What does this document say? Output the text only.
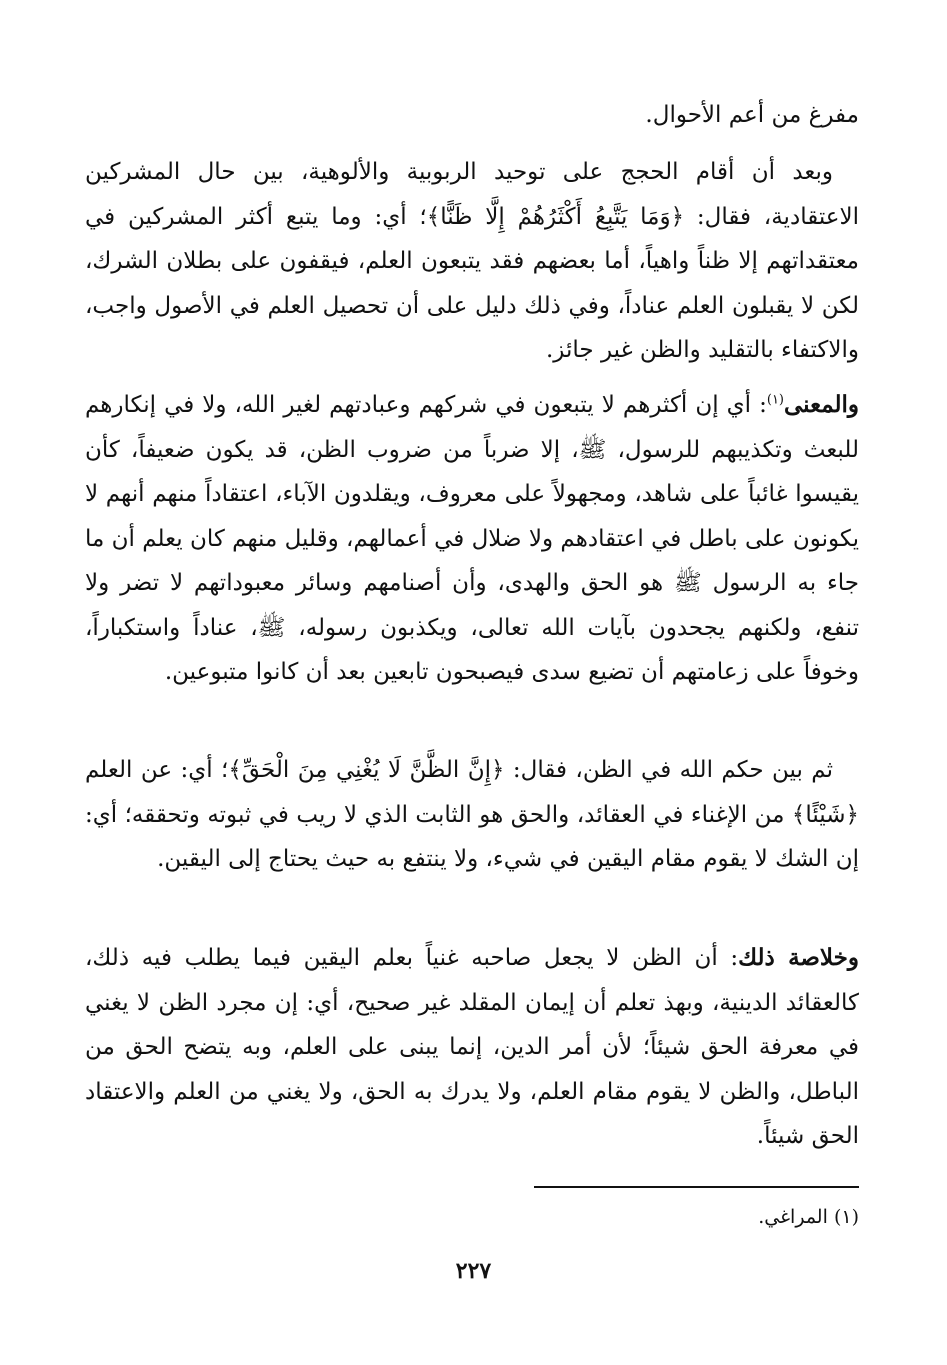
مفرغ من أعم الأحوال.

وبعد أن أقام الحجج على توحيد الربوبية والألوهية، بين حال المشركين الاعتقادية، فقال: ﴿وَمَا يَتَّبِعُ أَكْثَرُهُمْ إِلَّا ظَنًّا﴾؛ أي: وما يتبع أكثر المشركين في معتقداتهم إلا ظناً واهياً، أما بعضهم فقد يتبعون العلم، فيقفون على بطلان الشرك، لكن لا يقبلون العلم عناداً، وفي ذلك دليل على أن تحصيل العلم في الأصول واجب، والاكتفاء بالتقليد والظن غير جائز.

والمعنى$^{(١)}$: أي إن أكثرهم لا يتبعون في شركهم وعبادتهم لغير الله، ولا في إنكارهم للبعث وتكذيبهم للرسول، ﷺ، إلا ضرباً من ضروب الظن، قد يكون ضعيفاً، كأن يقيسوا غائباً على شاهد، ومجهولاً على معروف، ويقلدون الآباء، اعتقاداً منهم أنهم لا يكونون على باطل في اعتقادهم ولا ضلال في أعمالهم، وقليل منهم كان يعلم أن ما جاء به الرسول ﷺ هو الحق والهدى، وأن أصنامهم وسائر معبوداتهم لا تضر ولا تنفع، ولكنهم يجحدون بآيات الله تعالى، ويكذبون رسوله، ﷺ، عناداً واستكباراً، وخوفاً على زعامتهم أن تضيع سدى فيصبحون تابعين بعد أن كانوا متبوعين.

ثم بين حكم الله في الظن، فقال: ﴿إِنَّ الظَّنَّ لَا يُغْنِي مِنَ الْحَقِّ﴾؛ أي: عن العلم ﴿شَيْئًا﴾ من الإغناء في العقائد، والحق هو الثابت الذي لا ريب في ثبوته وتحققه؛ أي: إن الشك لا يقوم مقام اليقين في شيء، ولا ينتفع به حيث يحتاج إلى اليقين.

وخلاصة ذلك: أن الظن لا يجعل صاحبه غنياً بعلم اليقين فيما يطلب فيه ذلك، كالعقائد الدينية، وبهذ تعلم أن إيمان المقلد غير صحيح، أي: إن مجرد الظن لا يغني في معرفة الحق شيئاً؛ لأن أمر الدين، إنما يبنى على العلم، وبه يتضح الحق من الباطل، والظن لا يقوم مقام العلم، ولا يدرك به الحق، ولا يغني من العلم والاعتقاد الحق شيئاً.

(١) المراغي.
٢٢٧
